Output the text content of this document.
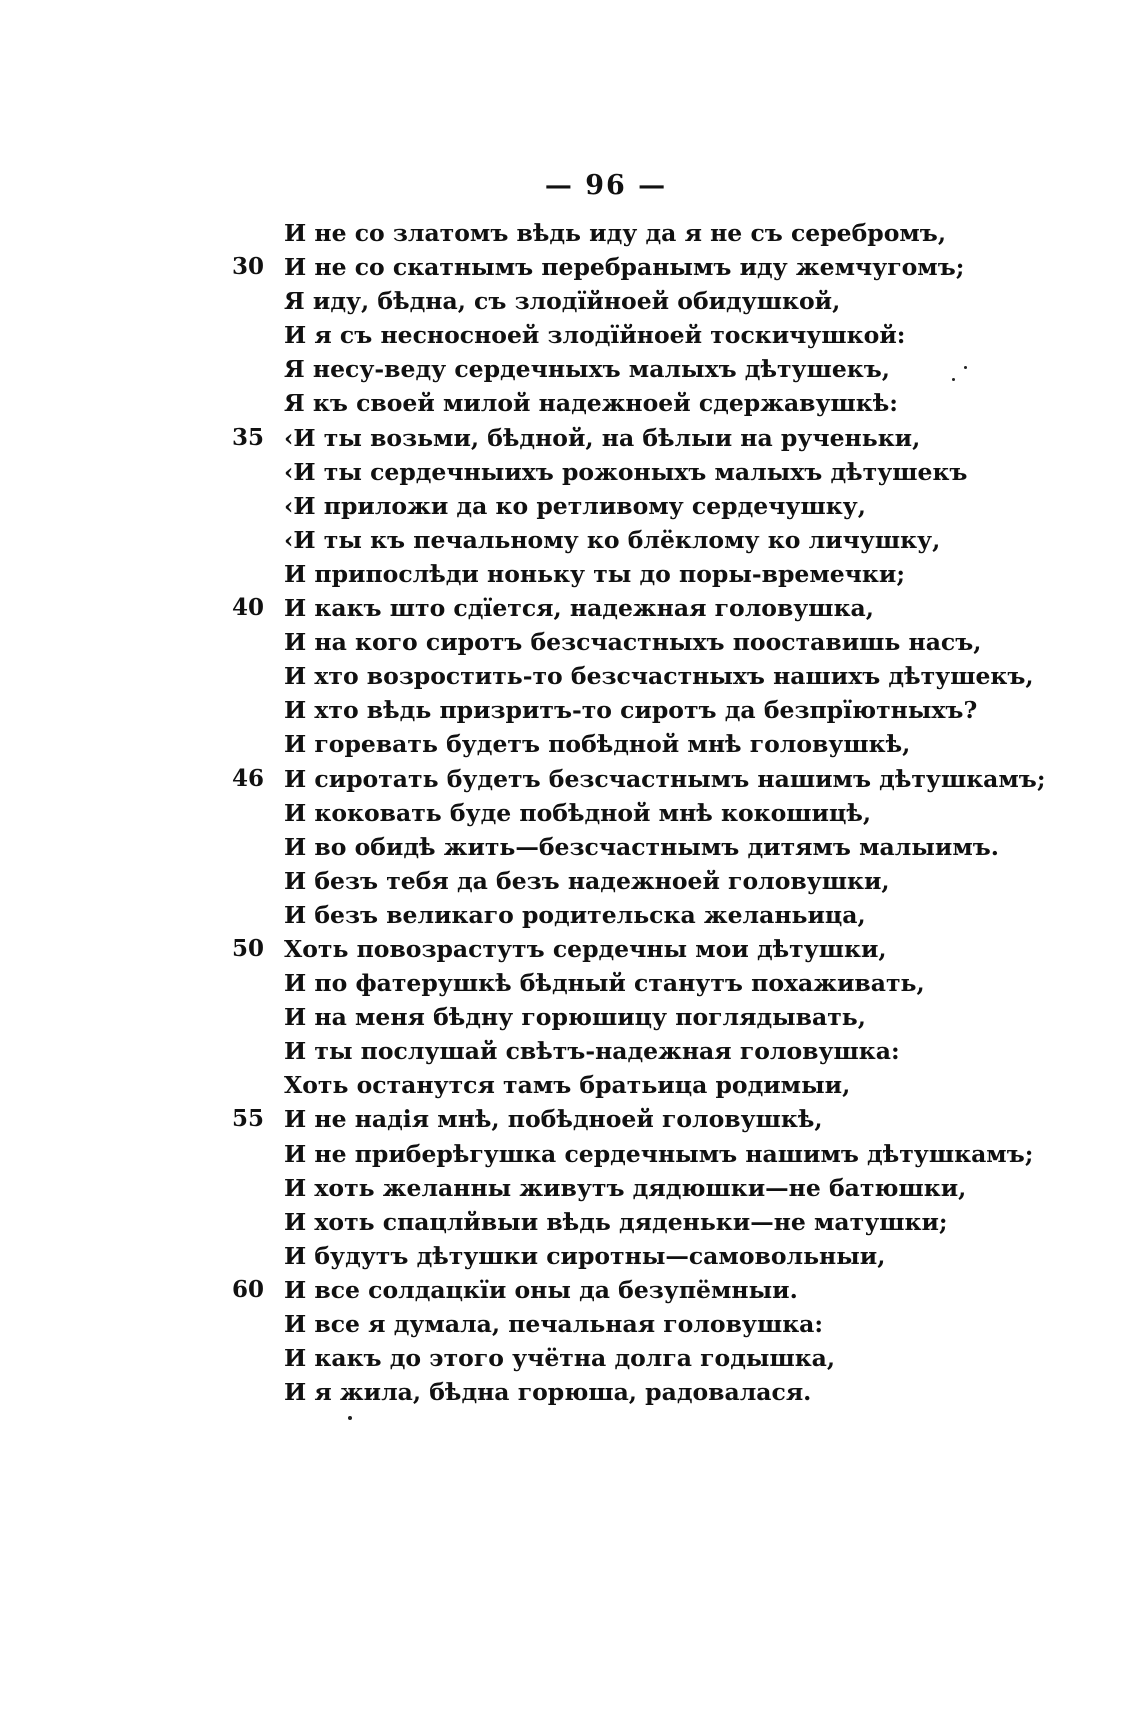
— 96 —
И не со златомъ вѣдь иду да я не съ серебромъ,
30 И не со скатнымъ перебранымъ иду жемчугомъ;
Я иду, бѣдна, съ злодїйноей обидушкой,
И я съ несносноей злодїйноей тоскичушкой:
Я несу-веду сердечныхъ малыхъ дѣтушекъ,
Я къ своей милой надежноей сдержавушкѣ:
35 ‹И ты возьми, бѣдной, на бѣлыи на рученьки,
‹И ты сердечныихъ рожоныхъ малыхъ дѣтушекъ
‹И приложи да ко ретливому сердечушку,
‹И ты къ печальному ко блёклому ко личушку,
И припослѣди ноньку ты до поры-времечки;
40 И какъ што сдїется, надежная головушка,
И на кого сиротъ безсчастныхъ пооставишь насъ,
И хто возростить-то безсчастныхъ нашихъ дѣтушекъ,
И хто вѣдь призритъ-то сиротъ да безпрїютныхъ?
И горевать будетъ побѣдной мнѣ головушкѣ,
46 И сиротать будетъ безсчастнымъ нашимъ дѣтушкамъ;
И коковать буде побѣдной мнѣ кокошицѣ,
И во обидѣ жить—безсчастнымъ дитямъ малыимъ.
И безъ тебя да безъ надежноей головушки,
И безъ великаго родительска желаньица,
50 Хоть повозрастутъ сердечны мои дѣтушки,
И по фатерушкѣ бѣдный станутъ похаживать,
И на меня бѣдну горюшицу поглядывать,
И ты послушай свѣтъ-надежная головушка:
Хоть останутся тамъ братьица родимыи,
55 И не надія мнѣ, побѣдноей головушкѣ,
И не приберѣгушка сердечнымъ нашимъ дѣтушкамъ;
И хоть желанны живутъ дядюшки—не батюшки,
И хоть спацлйвыи вѣдь дяденьки—не матушки;
И будутъ дѣтушки сиротны—самовольныи,
60 И все солдацкїи оны да безупёмныи.
И все я думала, печальная головушка:
И какъ до этого учётна долга годышка,
И я жила, бѣдна горюша, радовалася.
